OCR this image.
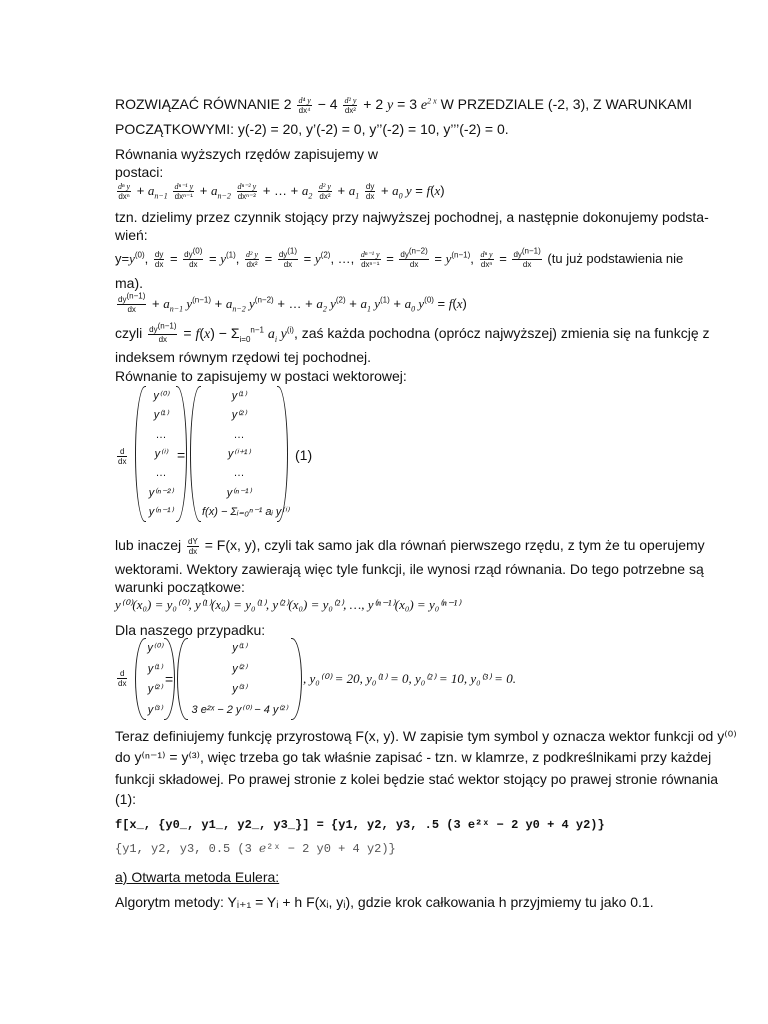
ROZWIĄZAĆ RÓWNANIE $2 \frac{\text{d⁴ y}}{\text{dx⁴}} - 4 \frac{\text{d² y}}{\text{dx²}} + 2$ y = 3 $e^{2 x}$ W PRZEDZIALE (-2, 3), Z WARUNKAMI
POCZĄTKOWYMI: y(-2) = 20, y’(-2) = 0, y’’(-2) = 10, y’’’(-2) = 0.
Równania wyższych rzędów zapisujemy w
postaci:
$\frac{\text{dⁿ y}}{\text{dxⁿ}} + a_{n-1} \frac{\text{dⁿ⁻¹ y}}{\text{dxⁿ⁻¹}} + a_{n-2} \frac{\text{dⁿ⁻² y}}{\text{dxⁿ⁻²}}$ + … + $a_2 \frac{\text{d² y}}{\text{dx²}} + a_1 \frac{dy}{dx} + a_0$ y = f(x)
tzn. dzielimy przez czynnik stojący przy najwyższej pochodnej, a następnie dokonujemy podsta-
wień:
$y=y^{(0)}$, $\frac{dy}{dx} = \frac{dy^{(0)}}{dx} = y^{(1)}$, $\frac{\text{d² y}}{\text{dx²}} = \frac{dy^{(1)}}{dx} = y^{(2)}$, …, $\frac{\text{dⁿ⁻¹ y}}{\text{dxⁿ⁻¹}} = \frac{dy^{(n-2)}}{dx} = y^{(n-1)}$, $\frac{\text{dⁿ y}}{\text{dxⁿ}} = \frac{dy^{(n-1)}}{dx} (tu$ już podstawienia nie
ma).
$\frac{dy^{(n-1)}}{dx} + a_{n-1}$ $y^{(n-1)} + a_{n-2}$ $y^{(n-2)}$ + … + $a_2$ $y^{(2)} + a_1$ $y^{(1)} + a_0$ $y^{(0)} = f(x)$
czyli $\frac{dy^{(n-1)}}{dx} = f(x) - \Sigma_{i=0}^{n-1}$ $a_i$ $y^{(i)}$, zaś każda pochodna (oprócz najwyższej) zmienia się na funkcję z
indeksem równym rzędowi tej pochodnej.
Równanie to zapisujemy w postaci wektorowej:
$\frac{d}{dx}$
y⁽⁰⁾
y⁽¹⁾
…
y⁽ⁱ⁾
…
y⁽ⁿ⁻²⁾
y⁽ⁿ⁻¹⁾
=
y⁽¹⁾
y⁽²⁾
…
y⁽ⁱ⁺¹⁾
…
y⁽ⁿ⁻¹⁾
f(x) − Σᵢ₌₀ⁿ⁻¹ aᵢ y⁽ⁱ⁾
(1)
lub inaczej $\frac{dY}{dx} = F(x$, y), czyli tak samo jak dla równań pierwszego rzędu, z tym że tu operujemy
wektorami. Wektory zawierają więc tyle funkcji, ile wynosi rząd równania. Do tego potrzebne są
warunki początkowe:
y⁽⁰⁾(x₀) = y₀⁽⁰⁾, y⁽¹⁾(x₀) = y₀⁽¹⁾, y⁽²⁾(x₀) = y₀⁽²⁾, …, y⁽ⁿ⁻¹⁾(x₀) = y₀⁽ⁿ⁻¹⁾
Dla naszego przypadku:
$\frac{d}{dx}$
y⁽⁰⁾
y⁽¹⁾
y⁽²⁾
y⁽³⁾
=
y⁽¹⁾
y⁽²⁾
y⁽³⁾
3 e²ˣ − 2 y⁽⁰⁾ − 4 y⁽²⁾
, y₀⁽⁰⁾ = 20, y₀⁽¹⁾ = 0, y₀⁽²⁾ = 10, y₀⁽³⁾ = 0.
Teraz definiujemy funkcję przyrostową F(x, y). W zapisie tym symbol y oznacza wektor funkcji od y⁽⁰⁾
do y⁽ⁿ⁻¹⁾ = y⁽³⁾, więc trzeba go tak właśnie zapisać - tzn. w klamrze, z podkreślnikami przy każdej
funkcji składowej. Po prawej stronie z kolei będzie stać wektor stojący po prawej stronie równania
(1):
f[x_, {y0_, y1_, y2_, y3_}] = {y1, y2, y3, .5 (3 e²ˣ − 2 y0 + 4 y2)}
{y1, y2, y3, 0.5 (3 ℯ²ˣ − 2 y0 + 4 y2)}
a) Otwarta metoda Eulera:
Algorytm metody: Yᵢ₊₁ = Yᵢ + h F(xᵢ, yᵢ), gdzie krok całkowania h przyjmiemy tu jako 0.1.
